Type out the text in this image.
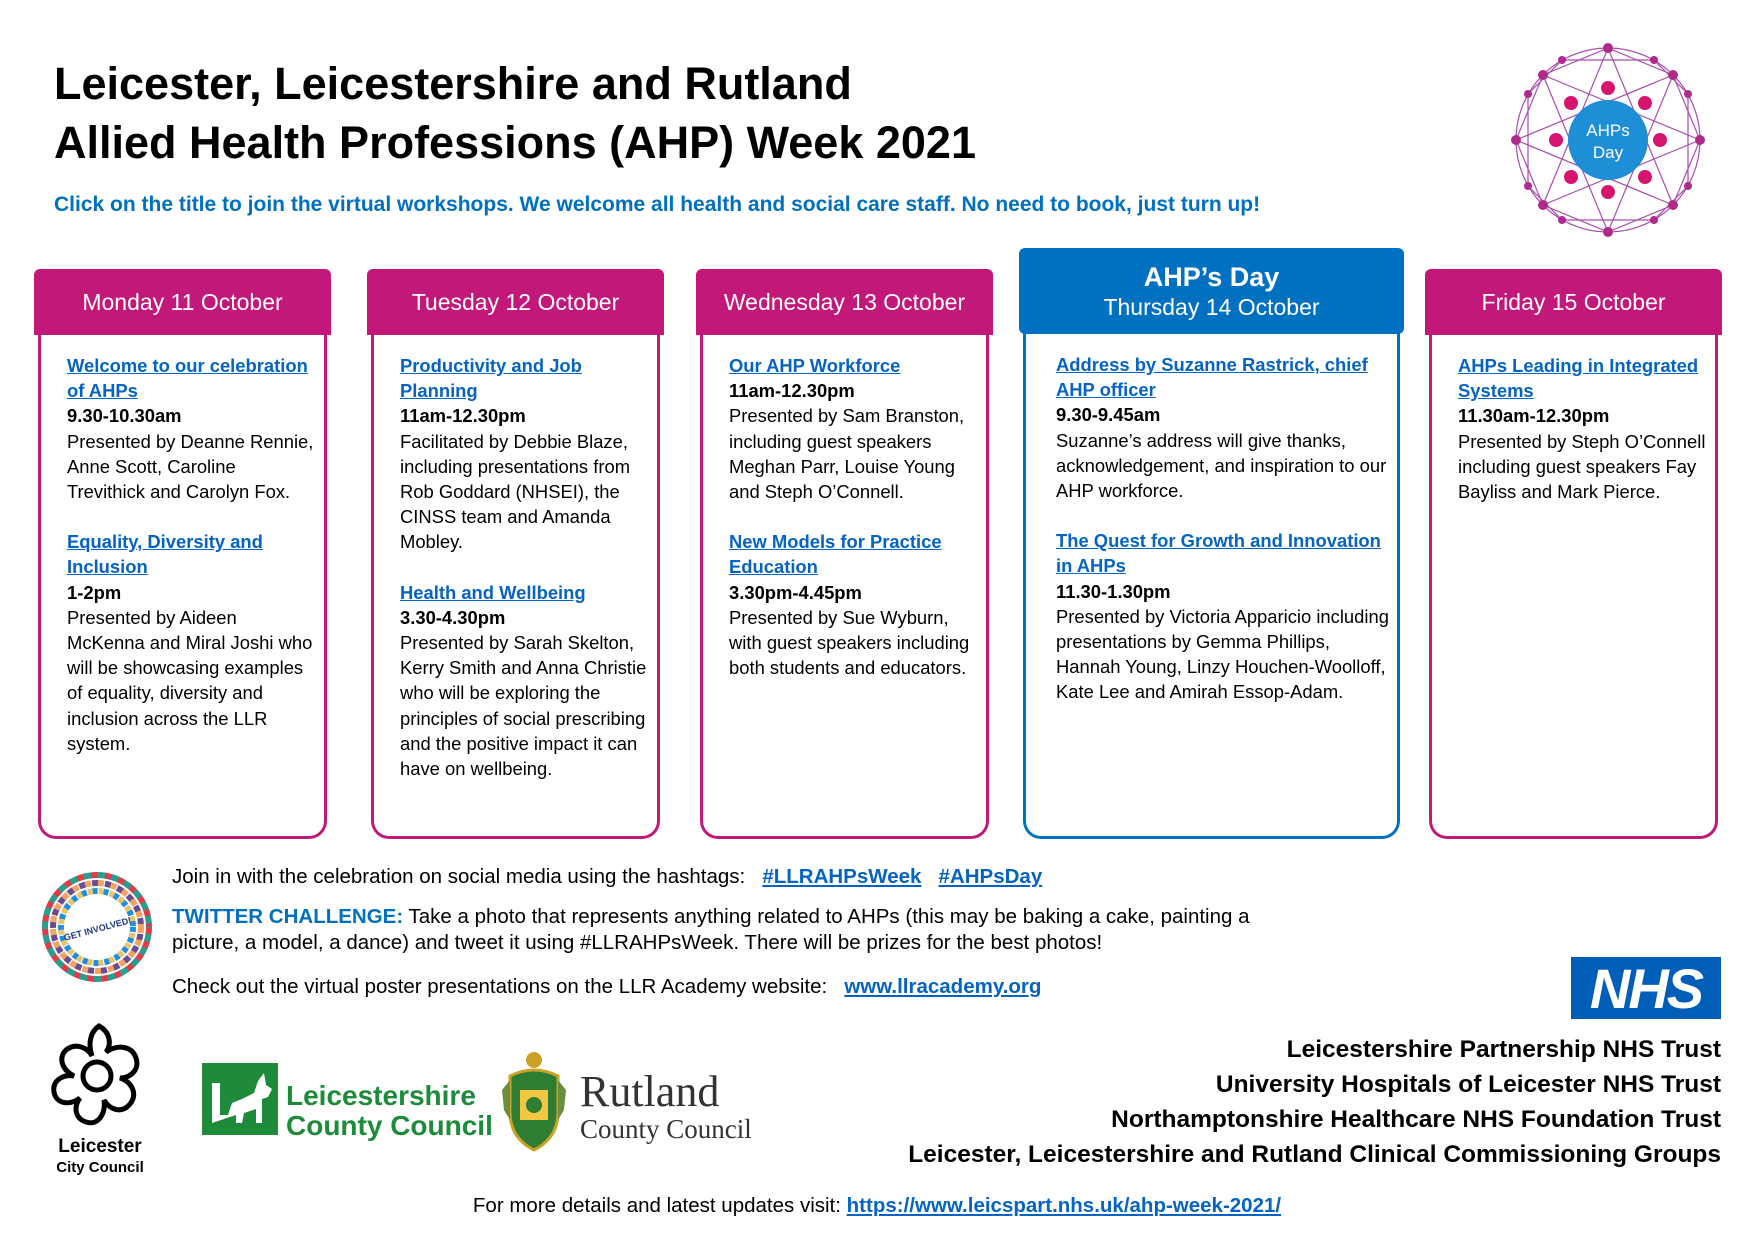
Leicester, Leicestershire and Rutland
Allied Health Professions (AHP) Week 2021
Click on the title to join the virtual workshops. We welcome all health and social care staff. No need to book, just turn up!
AHPs
Day
Monday 11 October
Welcome to our celebration of AHPs
9.30-10.30am
Presented by Deanne Rennie, Anne Scott, Caroline Trevithick and Carolyn Fox.
Equality, Diversity and Inclusion
1-2pm
Presented by Aideen McKenna and Miral Joshi who will be showcasing examples of equality, diversity and inclusion across the LLR system.
Tuesday 12 October
Productivity and Job Planning
11am-12.30pm
Facilitated by Debbie Blaze, including presentations from Rob Goddard (NHSEI), the CINSS team and Amanda Mobley.
Health and Wellbeing
3.30-4.30pm
Presented by Sarah Skelton, Kerry Smith and Anna Christie who will be exploring the principles of social prescribing and the positive impact it can have on wellbeing.
Wednesday 13 October
Our AHP Workforce
11am-12.30pm
Presented by Sam Branston, including guest speakers Meghan Parr, Louise Young and Steph O’Connell.
New Models for Practice Education
3.30pm-4.45pm
Presented by Sue Wyburn, with guest speakers including both students and educators.
AHP’s Day
Thursday 14 October
Address by Suzanne Rastrick, chief AHP officer
9.30-9.45am
Suzanne’s address will give thanks, acknowledgement, and inspiration to our AHP workforce.
The Quest for Growth and Innovation in AHPs
11.30-1.30pm
Presented by Victoria Apparicio including presentations by Gemma Phillips, Hannah Young, Linzy Houchen-Woolloff, Kate Lee and Amirah Essop-Adam.
Friday 15 October
AHPs Leading in Integrated Systems
11.30am-12.30pm
Presented by Steph O’Connell including guest speakers Fay Bayliss and Mark Pierce.
GET INVOLVED!
Join in with the celebration on social media using the hashtags: #LLRAHPsWeek #AHPsDay
TWITTER CHALLENGE: Take a photo that represents anything related to AHPs (this may be baking a cake, painting a
picture, a model, a dance) and tweet it using #LLRAHPsWeek. There will be prizes for the best photos!
Check out the virtual poster presentations on the LLR Academy website: www.llracademy.org
Leicester
City Council
Leicestershire
County Council
Rutland
County Council
NHS
Leicestershire Partnership NHS Trust
University Hospitals of Leicester NHS Trust
Northamptonshire Healthcare NHS Foundation Trust
Leicester, Leicestershire and Rutland Clinical Commissioning Groups
For more details and latest updates visit: https://www.leicspart.nhs.uk/ahp-week-2021/
